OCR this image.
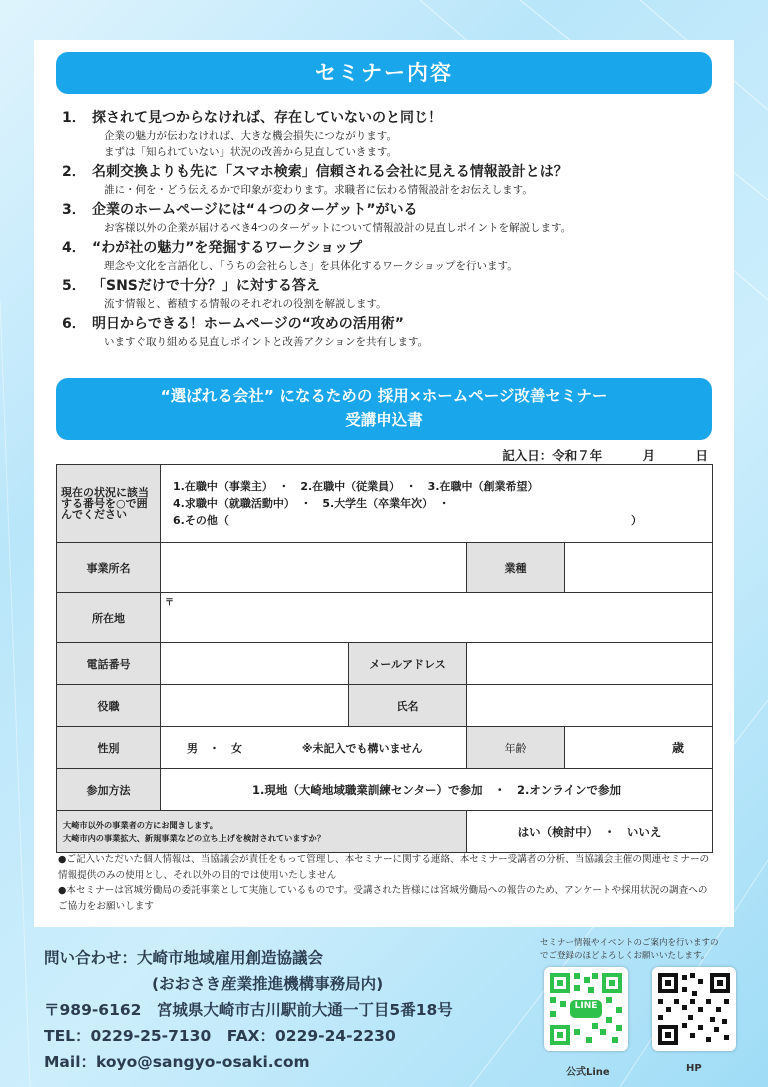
セミナー内容
1． 探されて見つからなければ、存在していないのと同じ！
企業の魅力が伝わなければ、大きな機会損失につながります。
まずは「知られていない」状況の改善から見直していきます。
2． 名刺交換よりも先に「スマホ検索」信頼される会社に見える情報設計とは？
誰に・何を・どう伝えるかで印象が変わります。求職者に伝わる情報設計をお伝えします。
3． 企業のホームページには“４つのターゲット”がいる
お客様以外の企業が届けるべき4つのターゲットについて情報設計の見直しポイントを解説します。
4． “わが社の魅力”を発掘するワークショップ
理念や文化を言語化し、「うちの会社らしさ」を具体化するワークショップを行います。
5． 「SNSだけで十分？」に対する答え
流す情報と、蓄積する情報のそれぞれの役割を解説します。
6． 明日からできる！ホームページの“攻めの活用術”
いますぐ取り組める見直しポイントと改善アクションを共有します。
“選ばれる会社” になるための 採用×ホームページ改善セミナー
受講申込書
記入日：令和７年	月	日
現在の状況に該当する番号を○で囲んでください	1.在職中（事業主）　・　2.在職中（従業員）　・　3.在職中（創業希望）
4.求職中（就職活動中）　・　5.大学生（卒業年次）　・
6.その他（ ）			

事業所名			業種	
所在地	〒			
電話番号		メールアドレス		
役職		氏名		
性別	男　・　女 ※未記入でも構いません		年齢	歳
参加方法	1.現地（大崎地域職業訓練センター）で参加　・　2.オンラインで参加			

大崎市以外の事業者の方にお聞きします。
大崎市内の事業拡大、新規事業などの立ち上げを検討されていますか？			はい（検討中）　・　いいえ	
●ご記入いただいた個人情報は、当協議会が責任をもって管理し、本セミナーに関する連絡、本セミナー受講者の分析、当協議会主催の関連セミナーの情報提供のみの使用とし、それ以外の目的では使用いたしません
●本セミナーは宮城労働局の委託事業として実施しているものです。受講された皆様には宮城労働局への報告のため、アンケートや採用状況の調査へのご協力をお願いします
問い合わせ：大崎市地域雇用創造協議会
(おおさき産業推進機構事務局内)
〒989-6162　宮城県大崎市古川駅前大通一丁目5番18号
TEL：0229-25-7130　FAX：0229-24-2230
Mail：koyo@sangyo-osaki.com
セミナー情報やイベントのご案内を行いますの
でご登録のほどよろしくお願いいたします。
LINE
公式Line	HP
